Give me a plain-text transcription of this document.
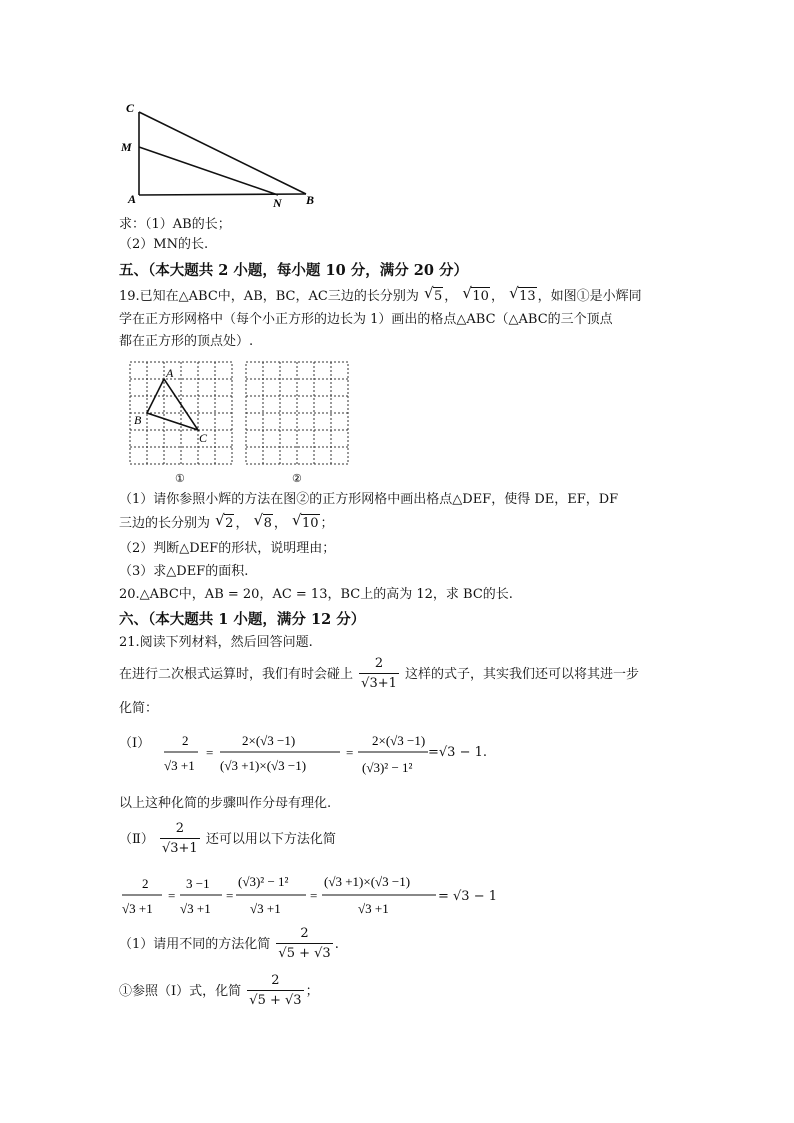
C
M
A	N B
求：（1）AB的长；
（2）MN的长.
五、（本大题共 2 小题，每小题 10 分，满分 20 分）
19.已知在△ABC中，AB，BC，AC三边的长分别为 √ 5 ， √ 10 ， √ 13 ，如图①是小辉同
学在正方形网格中（每个小正方形的边长为 1）画出的格点△ABC（△ABC的三个顶点
都在正方形的顶点处）.
A
B
C
①	②
（1）请你参照小辉的方法在图②的正方形网格中画出格点△DEF，使得 DE，EF，DF
三边的长分别为 √ 2 ， √ 8 ， √ 10 ；
（2）判断△DEF的形状，说明理由；
（3）求△DEF的面积.
20.△ABC中，AB = 20，AC = 13，BC上的高为 12，求 BC的长.
六、（本大题共 1 小题，满分 12 分）
21.阅读下列材料，然后回答问题.
在进行二次根式运算时，我们有时会碰上 $\frac{2}{√3+1}$ 这样的式子，其实我们还可以将其进一步
化简：
（Ⅰ） 2
√3 +1
=
2×(√3 −1)
(√3 +1)×(√3 −1)
=
2×(√3 −1)
(√3)² − 1²
=√3 − 1.
以上这种化简的步骤叫作分母有理化.
（Ⅱ） $\frac{2}{√3+1}$ 还可以用以下方法化简
2
√3 +1
=
3 −1
√3 +1
=
(√3)² − 1²
√3 +1
=
(√3 +1)×(√3 −1)
√3 +1
= √3 − 1
（1）请用不同的方法化简 $\frac{2}{√5 + √3}$ .
①参照（Ⅰ）式，化简 $\frac{2}{√5 + √3}$ ；
